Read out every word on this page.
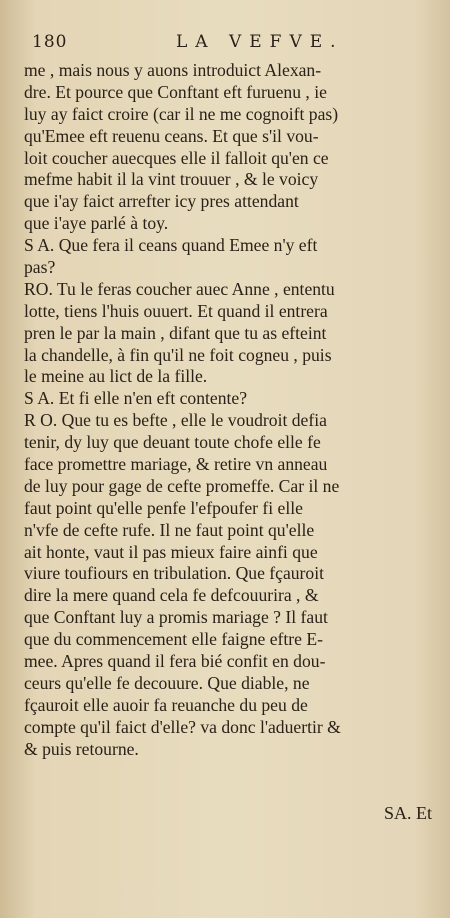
180	LA VEFVE.
me , mais nous y auons introduict Alexan-
dre. Et pource que Conftant eft furuenu , ie
luy ay faict croire (car il ne me cognoift pas)
qu'Emee eft reuenu ceans. Et que s'il vou-
loit coucher auecques elle il falloit qu'en ce
mefme habit il la vint trouuer , & le voicy
que i'ay faict arrefter icy pres attendant
que i'aye parlé à toy.
S A. Que fera il ceans quand Emee n'y eft
pas?
RO. Tu le feras coucher auec Anne , ententu
lotte, tiens l'huis ouuert. Et quand il entrera
pren le par la main , difant que tu as efteint
la chandelle, à fin qu'il ne foit cogneu , puis
le meine au lict de la fille.
S A. Et fi elle n'en eft contente?
R O. Que tu es befte , elle le voudroit defia
tenir, dy luy que deuant toute chofe elle fe
face promettre mariage, & retire vn anneau
de luy pour gage de cefte promeffe. Car il ne
faut point qu'elle penfe l'efpoufer fi elle
n'vfe de cefte rufe. Il ne faut point qu'elle
ait honte, vaut il pas mieux faire ainfi que
viure toufiours en tribulation. Que fçauroit
dire la mere quand cela fe defcouurira , &
que Conftant luy a promis mariage ? Il faut
que du commencement elle faigne eftre E-
mee. Apres quand il fera bié confit en dou-
ceurs qu'elle fe decouure. Que diable, ne
fçauroit elle auoir fa reuanche du peu de
compte qu'il faict d'elle? va donc l'aduertir &
& puis retourne.
SA. Et
